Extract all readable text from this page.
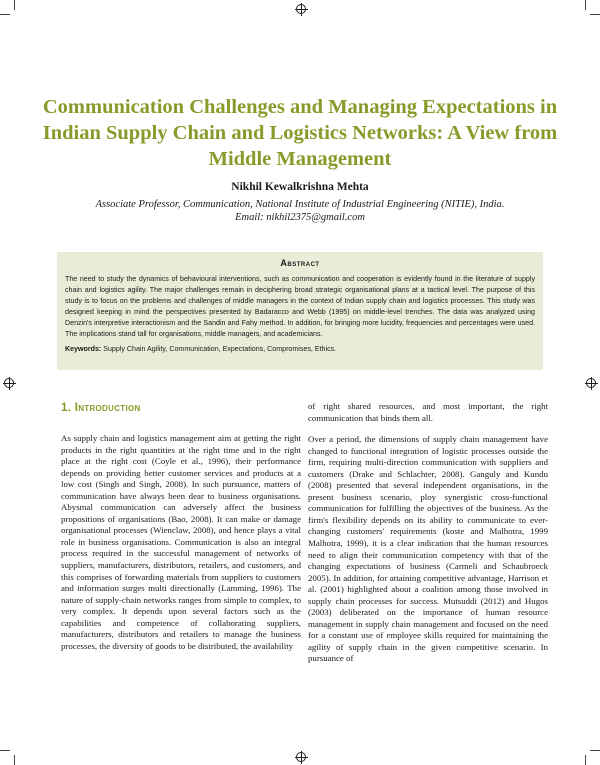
Communication Challenges and Managing Expectations in Indian Supply Chain and Logistics Networks: A View from Middle Management

Nikhil Kewalkrishna Mehta

Associate Professor, Communication, National Institute of Industrial Engineering (NITIE), India.
Email: nikhil2375@gmail.com
Abstract

The need to study the dynamics of behavioural interventions, such as communication and cooperation is evidently found in the literature of supply chain and logistics agility. The major challenges remain in deciphering broad strategic organisational plans at a tactical level. The purpose of this study is to focus on the problems and challenges of middle managers in the context of Indian supply chain and logistics processes. This study was designed keeping in mind the perspectives presented by Badaracco and Webb (1995) on middle-level trenches. The data was analyzed using Denzin's interpretive interactionism and the Sandin and Fahy method. In addition, for bringing more lucidity, frequencies and percentages were used. The implications stand tall for organisations, middle managers, and academicians.

Keywords: Supply Chain Agility, Communication, Expectations, Compromises, Ethics.

1. Introduction

As supply chain and logistics management aim at getting the right products in the right quantities at the right time and in the right place at the right cost (Coyle et al., 1996), their performance depends on providing better customer services and products at a low cost (Singh and Singh, 2008). In such pursuance, matters of communication have always been dear to business organisations. Abysmal communication can adversely affect the business propositions of organisations (Bao, 2008). It can make or damage organisational processes (Wienclaw, 2008), and hence plays a vital role in business organisations. Communication is also an integral process required in the successful management of networks of suppliers, manufacturers, distributors, retailers, and customers, and this comprises of forwarding materials from suppliers to customers and information surges multi directionally (Lamming, 1996). The nature of supply-chain networks ranges from simple to complex, to very complex. It depends upon several factors such as the capabilities and competence of collaborating suppliers, manufacturers, distributors and retailers to manage the business processes, the diversity of goods to be distributed, the availability

of right shared resources, and most important, the right communication that binds them all.

Over a period, the dimensions of supply chain management have changed to functional integration of logistic processes outside the firm, requiring multi-direction communication with suppliers and customers (Drake and Schlachter, 2008). Ganguly and Kundu (2008) presented that several independent organisations, in the present business scenario, ploy synergistic cross-functional communication for fulfilling the objectives of the business. As the firm's flexibility depends on its ability to communicate to ever-changing customers' requirements (koste and Malhotra, 1999 Malhotra, 1999), it is a clear indication that the human resources need to align their communication competency with that of the changing expectations of business (Carmeli and Schaubroeck 2005). In addition, for attaining competitive advantage, Harrison et al. (2001) highlighted about a coalition among those involved in supply chain processes for success. Mutsuddi (2012) and Hugos (2003) deliberated on the importance of human resource management in supply chain management and focused on the need for a constant use of employee skills required for maintaining the agility of supply chain in the given competitive scenario. In pursuance of
